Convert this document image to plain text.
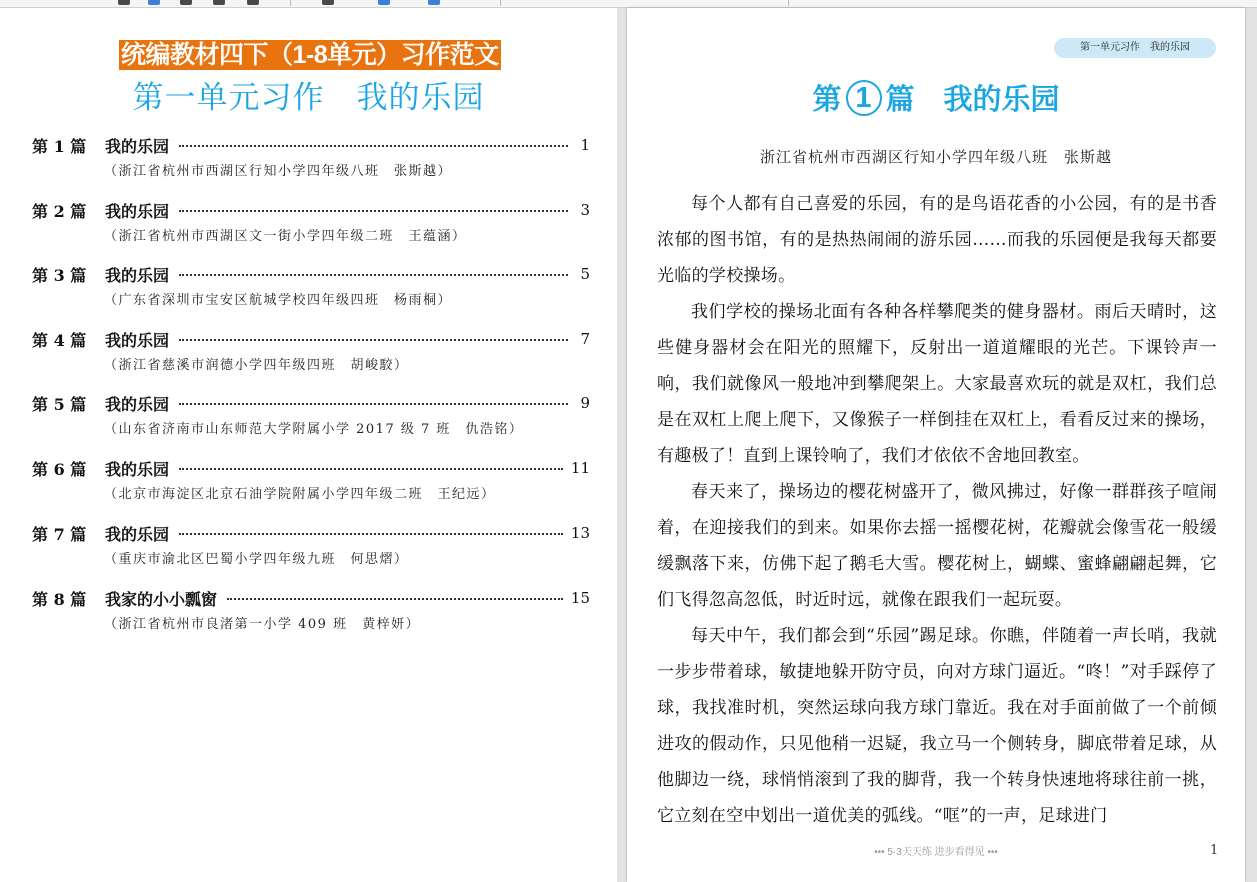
统编教材四下（1-8单元）习作范文
第一单元习作　我的乐园
第 1 篇	我的乐园	1
（浙江省杭州市西湖区行知小学四年级八班　张斯越）
第 2 篇	我的乐园	3
（浙江省杭州市西湖区文一街小学四年级二班　王蕴涵）
第 3 篇	我的乐园	5
（广东省深圳市宝安区航城学校四年级四班　杨雨桐）
第 4 篇	我的乐园	7
（浙江省慈溪市润德小学四年级四班　胡峻駮）
第 5 篇	我的乐园	9
（山东省济南市山东师范大学附属小学 2017 级 7 班　仇浩铭）
第 6 篇	我的乐园	11
（北京市海淀区北京石油学院附属小学四年级二班　王纪远）
第 7 篇	我的乐园	13
（重庆市渝北区巴蜀小学四年级九班　何思熠）
第 8 篇	我家的小小瓢窗	15
（浙江省杭州市良渚第一小学 409 班　黄梓妍）
第一单元习作　我的乐园
第 1 篇　我的乐园
浙江省杭州市西湖区行知小学四年级八班　张斯越

每个人都有自己喜爱的乐园，有的是鸟语花香的小公园，有的是书香浓郁的图书馆，有的是热热闹闹的游乐园……而我的乐园便是我每天都要光临的学校操场。

我们学校的操场北面有各种各样攀爬类的健身器材。雨后天晴时，这些健身器材会在阳光的照耀下，反射出一道道耀眼的光芒。下课铃声一响，我们就像风一般地冲到攀爬架上。大家最喜欢玩的就是双杠，我们总是在双杠上爬上爬下，又像猴子一样倒挂在双杠上，看看反过来的操场，有趣极了！直到上课铃响了，我们才依依不舍地回教室。

春天来了，操场边的樱花树盛开了，微风拂过，好像一群群孩子喧闹着，在迎接我们的到来。如果你去摇一摇樱花树，花瓣就会像雪花一般缓缓飘落下来，仿佛下起了鹅毛大雪。樱花树上，蝴蝶、蜜蜂翩翩起舞，它们飞得忽高忽低，时近时远，就像在跟我们一起玩耍。

每天中午，我们都会到“乐园”踢足球。你瞧，伴随着一声长哨，我就一步步带着球，敏捷地躲开防守员，向对方球门逼近。“咚！”对手踩停了球，我找准时机，突然运球向我方球门靠近。我在对手面前做了一个前倾进攻的假动作，只见他稍一迟疑，我立马一个侧转身，脚底带着足球，从他脚边一绕，球悄悄滚到了我的脚背，我一个转身快速地将球往前一挑，它立刻在空中划出一道优美的弧线。“哐”的一声，足球进门

••• 5·3天天练 进步看得见 •••	1
